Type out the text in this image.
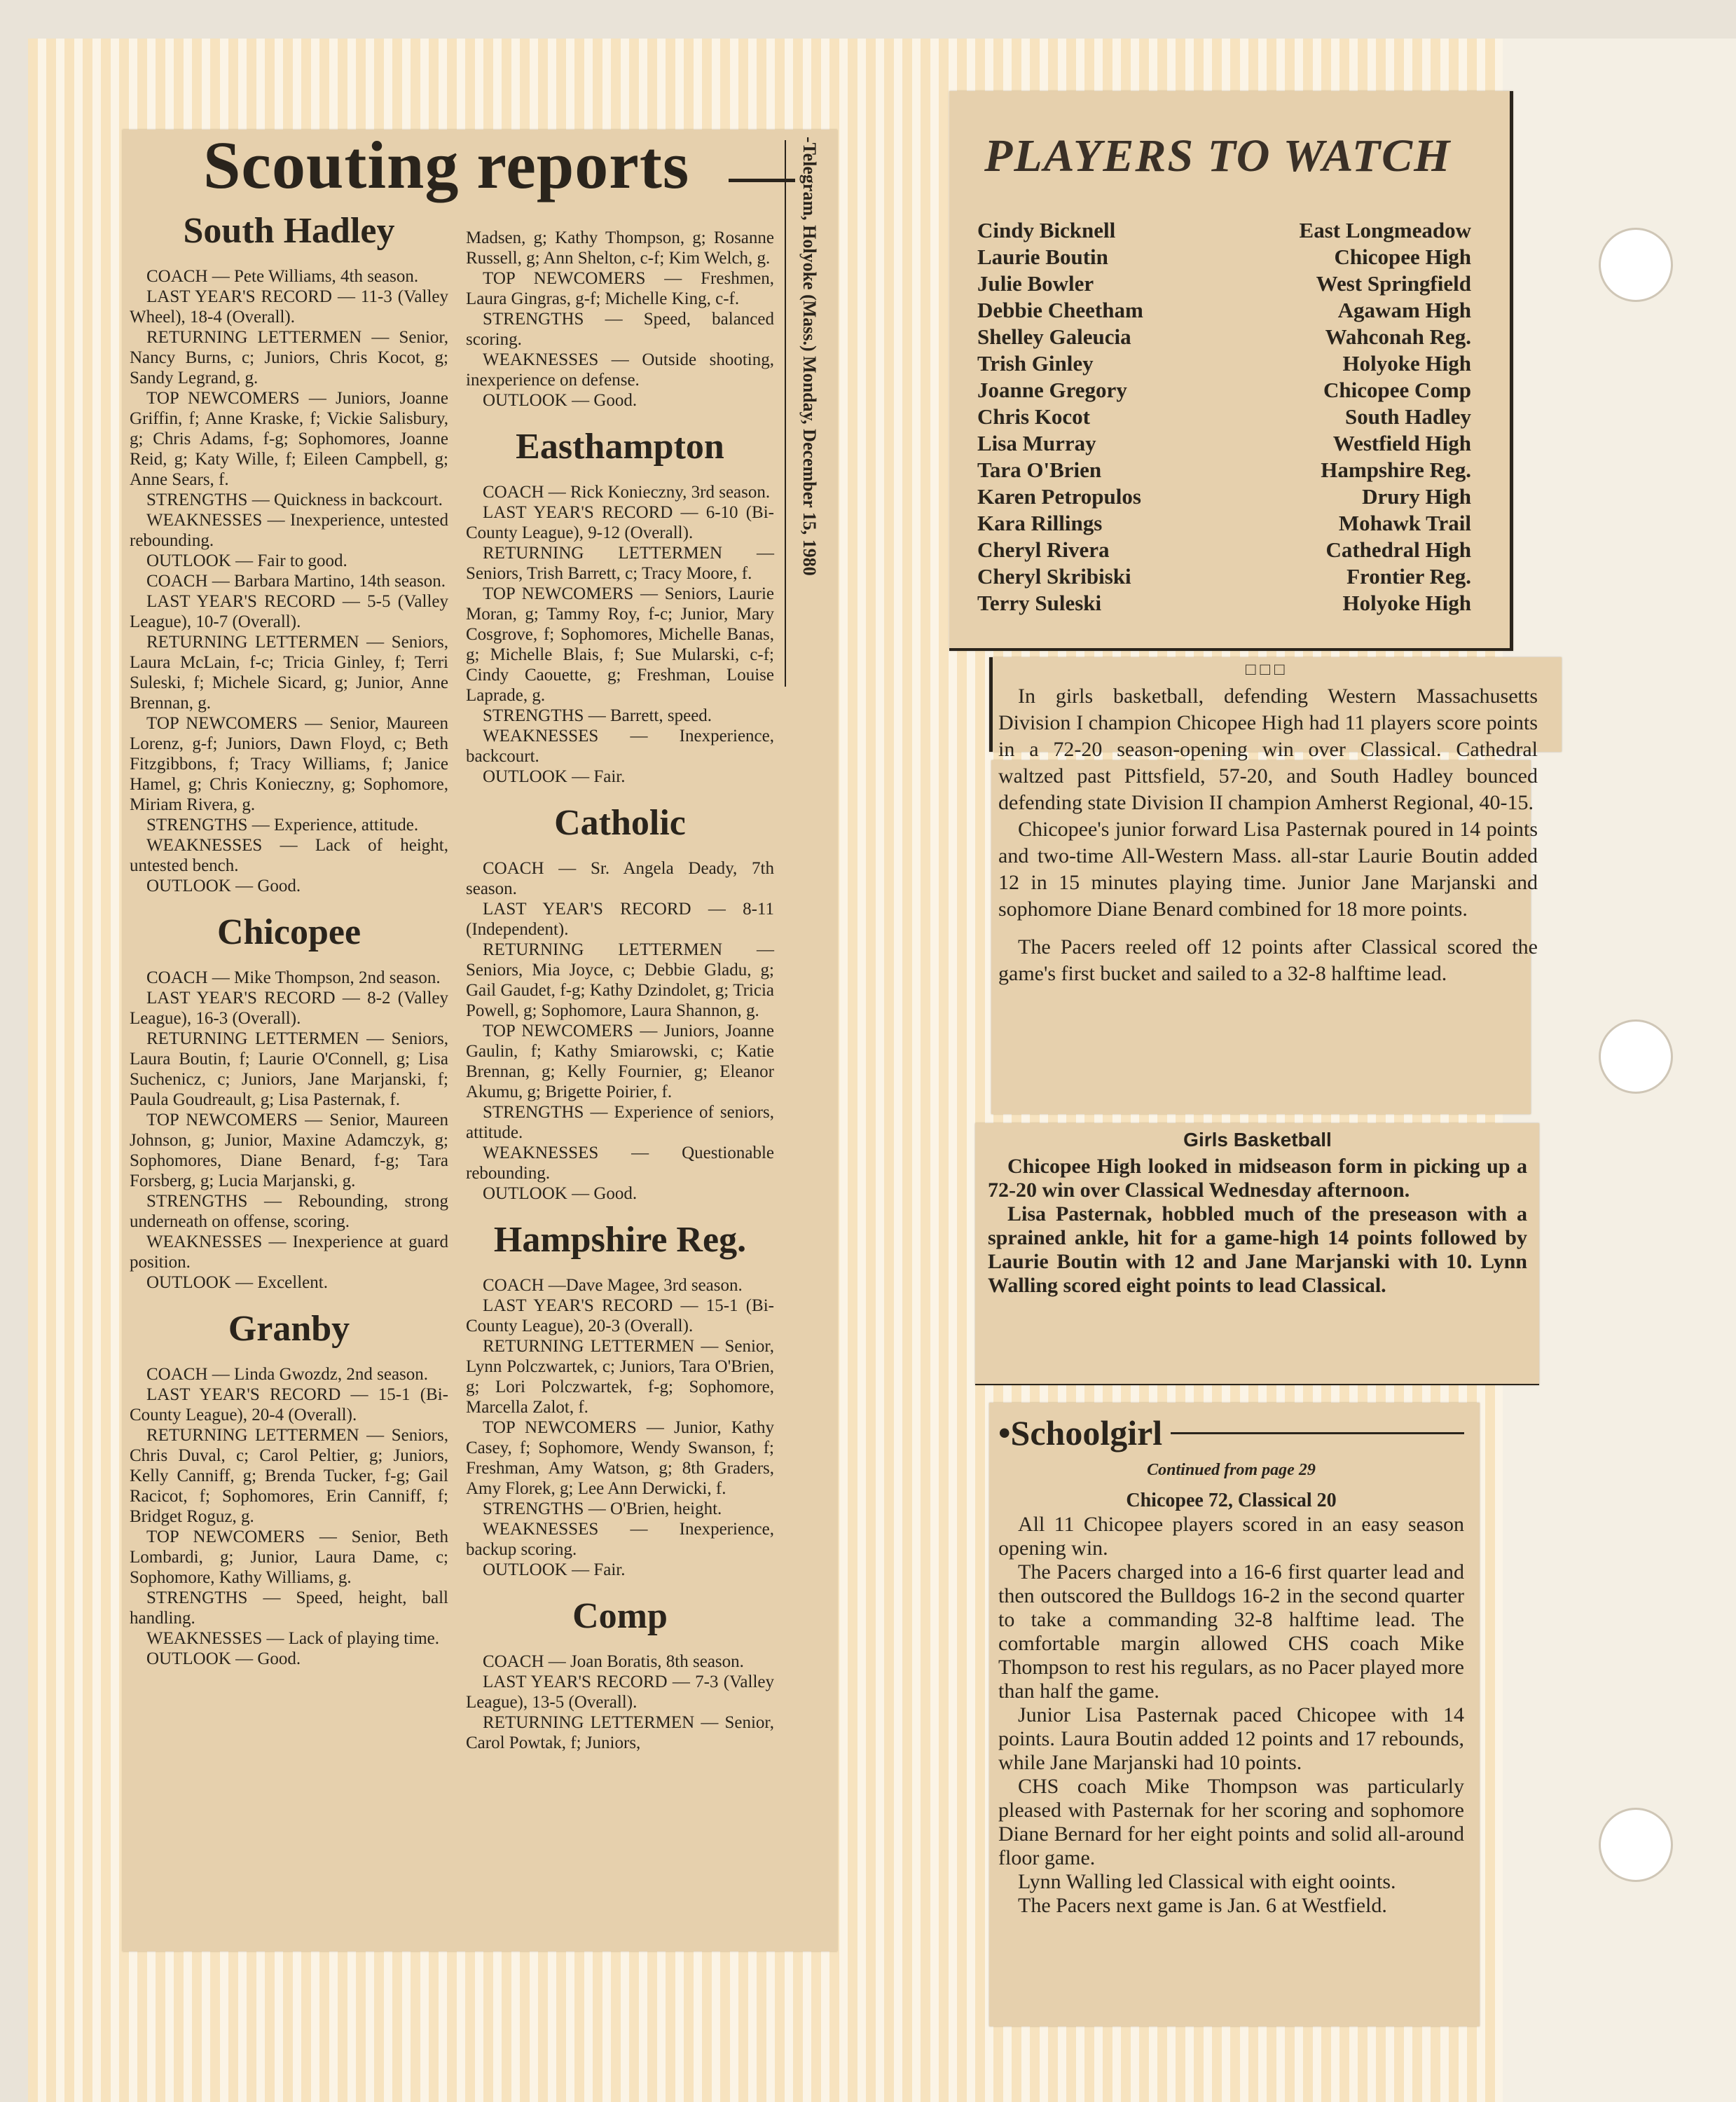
Scouting reports	-Telegram, Holyoke (Mass.) Monday, December 15, 1980
South Hadley

COACH — Pete Williams, 4th season.

LAST YEAR'S RECORD — 11-3 (Valley Wheel), 18-4 (Overall).

RETURNING LETTERMEN — Senior, Nancy Burns, c; Juniors, Chris Kocot, g; Sandy Legrand, g.

TOP NEWCOMERS — Juniors, Joanne Griffin, f; Anne Kraske, f; Vickie Salisbury, g; Chris Adams, f-g; Sophomores, Joanne Reid, g; Katy Wille, f; Eileen Campbell, g; Anne Sears, f.

STRENGTHS — Quickness in backcourt.

WEAKNESSES — Inexperience, untested rebounding.

OUTLOOK — Fair to good.

COACH — Barbara Martino, 14th season.

LAST YEAR'S RECORD — 5-5 (Valley League), 10-7 (Overall).

RETURNING LETTERMEN — Seniors, Laura McLain, f-c; Tricia Ginley, f; Terri Suleski, f; Michele Sicard, g; Junior, Anne Brennan, g.

TOP NEWCOMERS — Senior, Maureen Lorenz, g-f; Juniors, Dawn Floyd, c; Beth Fitzgibbons, f; Tracy Williams, f; Janice Hamel, g; Chris Konieczny, g; Sophomore, Miriam Rivera, g.

STRENGTHS — Experience, attitude.

WEAKNESSES — Lack of height, untested bench.

OUTLOOK — Good.

Chicopee

COACH — Mike Thompson, 2nd season.

LAST YEAR'S RECORD — 8-2 (Valley League), 16-3 (Overall).

RETURNING LETTERMEN — Seniors, Laura Boutin, f; Laurie O'Connell, g; Lisa Suchenicz, c; Juniors, Jane Marjanski, f; Paula Goudreault, g; Lisa Pasternak, f.

TOP NEWCOMERS — Senior, Maureen Johnson, g; Junior, Maxine Adamczyk, g; Sophomores, Diane Benard, f-g; Tara Forsberg, g; Lucia Marjanski, g.

STRENGTHS — Rebounding, strong underneath on offense, scoring.

WEAKNESSES — Inexperience at guard position.

OUTLOOK — Excellent.

Granby

COACH — Linda Gwozdz, 2nd season.

LAST YEAR'S RECORD — 15-1 (Bi-County League), 20-4 (Overall).

RETURNING LETTERMEN — Seniors, Chris Duval, c; Carol Peltier, g; Juniors, Kelly Canniff, g; Brenda Tucker, f-g; Gail Racicot, f; Sophomores, Erin Canniff, f; Bridget Roguz, g.

TOP NEWCOMERS — Senior, Beth Lombardi, g; Junior, Laura Dame, c; Sophomore, Kathy Williams, g.

STRENGTHS — Speed, height, ball handling.

WEAKNESSES — Lack of playing time.

OUTLOOK — Good.

Madsen, g; Kathy Thompson, g; Rosanne Russell, g; Ann Shelton, c-f; Kim Welch, g.

TOP NEWCOMERS — Freshmen, Laura Gingras, g-f; Michelle King, c-f.

STRENGTHS — Speed, balanced scoring.

WEAKNESSES — Outside shooting, inexperience on defense.

OUTLOOK — Good.

Easthampton

COACH — Rick Konieczny, 3rd season.

LAST YEAR'S RECORD — 6-10 (Bi-County League), 9-12 (Overall).

RETURNING LETTERMEN — Seniors, Trish Barrett, c; Tracy Moore, f.

TOP NEWCOMERS — Seniors, Laurie Moran, g; Tammy Roy, f-c; Junior, Mary Cosgrove, f; Sophomores, Michelle Banas, g; Michelle Blais, f; Sue Mularski, c-f; Cindy Caouette, g; Freshman, Louise Laprade, g.

STRENGTHS — Barrett, speed.

WEAKNESSES — Inexperience, backcourt.

OUTLOOK — Fair.

Catholic

COACH — Sr. Angela Deady, 7th season.

LAST YEAR'S RECORD — 8-11 (Independent).

RETURNING LETTERMEN — Seniors, Mia Joyce, c; Debbie Gladu, g; Gail Gaudet, f-g; Kathy Dzindolet, g; Tricia Powell, g; Sophomore, Laura Shannon, g.

TOP NEWCOMERS — Juniors, Joanne Gaulin, f; Kathy Smiarowski, c; Katie Brennan, g; Kelly Fournier, g; Eleanor Akumu, g; Brigette Poirier, f.

STRENGTHS — Experience of seniors, attitude.

WEAKNESSES — Questionable rebounding.

OUTLOOK — Good.

Hampshire Reg.

COACH —Dave Magee, 3rd season.

LAST YEAR'S RECORD — 15-1 (Bi-County League), 20-3 (Overall).

RETURNING LETTERMEN — Senior, Lynn Polczwartek, c; Juniors, Tara O'Brien, g; Lori Polczwartek, f-g; Sophomore, Marcella Zalot, f.

TOP NEWCOMERS — Junior, Kathy Casey, f; Sophomore, Wendy Swanson, f; Freshman, Amy Watson, g; 8th Graders, Amy Florek, g; Lee Ann Derwicki, f.

STRENGTHS — O'Brien, height.

WEAKNESSES — Inexperience, backup scoring.

OUTLOOK — Fair.

Comp

COACH — Joan Boratis, 8th season.

LAST YEAR'S RECORD — 7-3 (Valley League), 13-5 (Overall).

RETURNING LETTERMEN — Senior, Carol Powtak, f; Juniors,

PLAYERS TO WATCH
Cindy Bicknell	East Longmeadow
Laurie Boutin	Chicopee High
Julie Bowler	West Springfield
Debbie Cheetham	Agawam High
Shelley Galeucia	Wahconah Reg.
Trish Ginley	Holyoke High
Joanne Gregory	Chicopee Comp
Chris Kocot	South Hadley
Lisa Murray	Westfield High
Tara O'Brien	Hampshire Reg.
Karen Petropulos	Drury High
Kara Rillings	Mohawk Trail
Cheryl Rivera	Cathedral High
Cheryl Skribiski	Frontier Reg.
Terry Suleski	Holyoke High
□□□

In girls basketball, defending Western Massachusetts Division I champion Chicopee High had 11 players score points in a 72-20 season-opening win over Classical. Cathedral waltzed past Pittsfield, 57-20, and South Hadley bounced defending state Division II champion Amherst Regional, 40-15.

Chicopee's junior forward Lisa Pasternak poured in 14 points and two-time All-Western Mass. all-star Laurie Boutin added 12 in 15 minutes playing time. Junior Jane Marjanski and sophomore Diane Benard combined for 18 more points.

The Pacers reeled off 12 points after Classical scored the game's first bucket and sailed to a 32-8 halftime lead.

Girls Basketball

Chicopee High looked in midseason form in picking up a 72-20 win over Classical Wednesday afternoon.

Lisa Pasternak, hobbled much of the preseason with a sprained ankle, hit for a game-high 14 points followed by Laurie Boutin with 12 and Jane Marjanski with 10. Lynn Walling scored eight points to lead Classical.

•Schoolgirl
Continued from page 29
Chicopee 72, Classical 20

All 11 Chicopee players scored in an easy season opening win.

The Pacers charged into a 16-6 first quarter lead and then outscored the Bulldogs 16-2 in the second quarter to take a commanding 32-8 halftime lead. The comfortable margin allowed CHS coach Mike Thompson to rest his regulars, as no Pacer played more than half the game.

Junior Lisa Pasternak paced Chicopee with 14 points. Laura Boutin added 12 points and 17 rebounds, while Jane Marjanski had 10 points.

CHS coach Mike Thompson was particularly pleased with Pasternak for her scoring and sophomore Diane Bernard for her eight points and solid all-around floor game.

Lynn Walling led Classical with eight ooints.

The Pacers next game is Jan. 6 at Westfield.
